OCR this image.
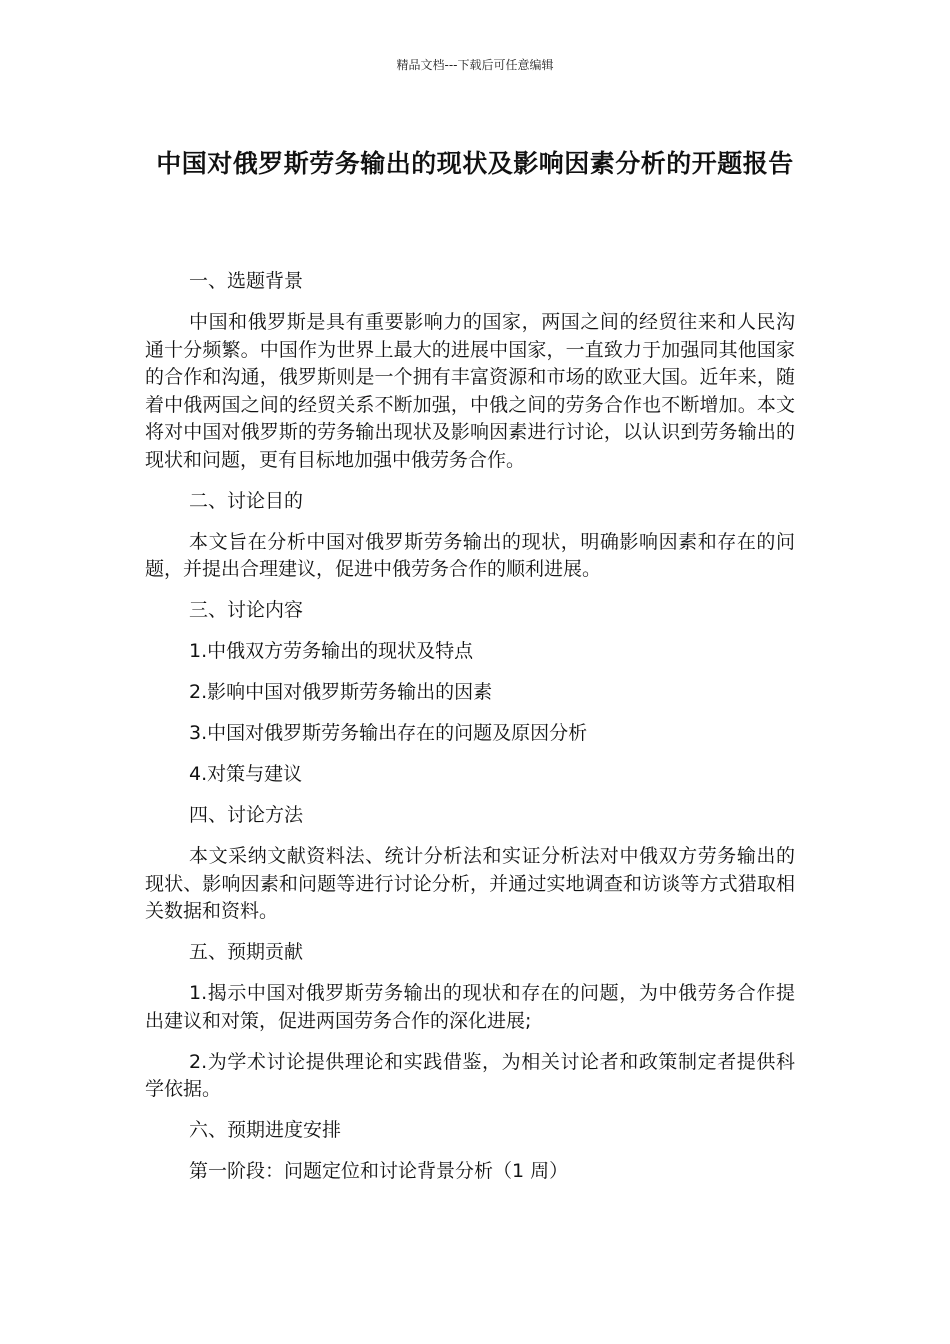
精品文档---下载后可任意编辑
中国对俄罗斯劳务输出的现状及影响因素分析的开题报告

一、选题背景

中国和俄罗斯是具有重要影响力的国家，两国之间的经贸往来和人民沟通十分频繁。中国作为世界上最大的进展中国家，一直致力于加强同其他国家的合作和沟通，俄罗斯则是一个拥有丰富资源和市场的欧亚大国。近年来，随着中俄两国之间的经贸关系不断加强，中俄之间的劳务合作也不断增加。本文将对中国对俄罗斯的劳务输出现状及影响因素进行讨论，以认识到劳务输出的现状和问题，更有目标地加强中俄劳务合作。

二、讨论目的

本文旨在分析中国对俄罗斯劳务输出的现状，明确影响因素和存在的问题，并提出合理建议，促进中俄劳务合作的顺利进展。

三、讨论内容

1.中俄双方劳务输出的现状及特点

2.影响中国对俄罗斯劳务输出的因素

3.中国对俄罗斯劳务输出存在的问题及原因分析

4.对策与建议

四、讨论方法

本文采纳文献资料法、统计分析法和实证分析法对中俄双方劳务输出的现状、影响因素和问题等进行讨论分析，并通过实地调查和访谈等方式猎取相关数据和资料。

五、预期贡献

1.揭示中国对俄罗斯劳务输出的现状和存在的问题，为中俄劳务合作提出建议和对策，促进两国劳务合作的深化进展;

2.为学术讨论提供理论和实践借鉴，为相关讨论者和政策制定者提供科学依据。

六、预期进度安排

第一阶段：问题定位和讨论背景分析（1 周）
